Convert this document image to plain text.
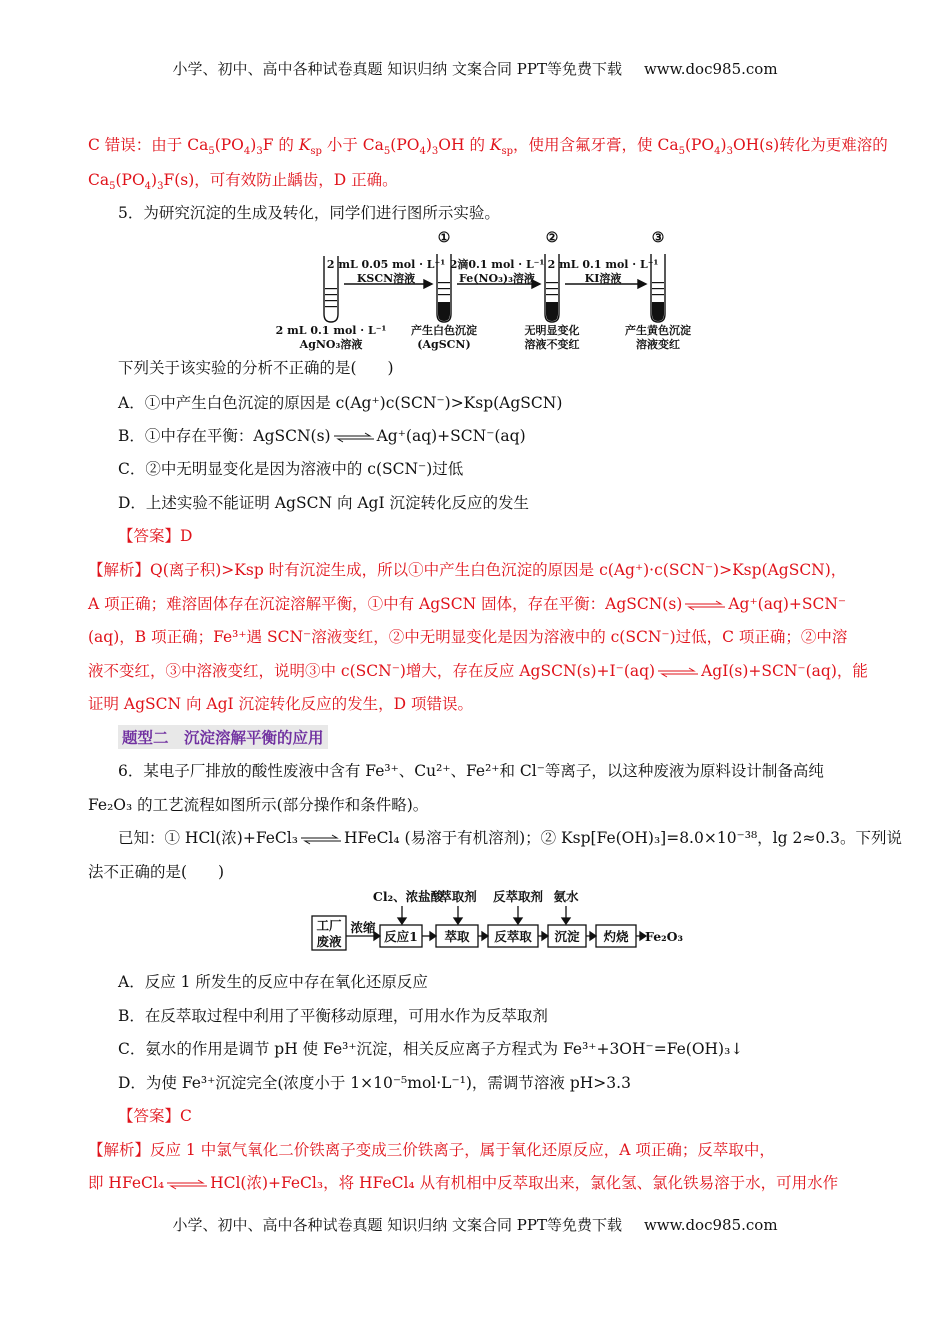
小学、初中、高中各种试卷真题 知识归纳 文案合同 PPT等免费下载 www.doc985.com
C 错误：由于 $Ca_5(PO_4)_3F$ 的 $K_{sp}$ 小于 $Ca_5(PO_4)_3OH$ 的 $K_{sp}$，使用含氟牙膏，使 $Ca_5(PO_4)_3OH(s)$转化为更难溶的
$Ca_5(PO_4)_3F(s)$，可有效防止龋齿，D 正确。
5．为研究沉淀的生成及转化，同学们进行图所示实验。
①	②	③
2 mL 0.05 mol · L⁻¹
KSCN溶液
2滴0.1 mol · L⁻¹
Fe(NO₃)₃溶液
2 mL 0.1 mol · L⁻¹
KI溶液
2 mL 0.1 mol · L⁻¹
AgNO₃溶液
产生白色沉淀
(AgSCN)
无明显变化
溶液不变红
产生黄色沉淀
溶液变红
下列关于该实验的分析不正确的是(　　)
A．①中产生白色沉淀的原因是 c(Ag⁺)c(SCN⁻)>Ksp(AgSCN)
B．①中存在平衡：AgSCN(s) ⇌ Ag⁺(aq)+SCN⁻(aq)
C．②中无明显变化是因为溶液中的 c(SCN⁻)过低
D．上述实验不能证明 AgSCN 向 AgI 沉淀转化反应的发生
【答案】D
【解析】Q(离子积)>Ksp 时有沉淀生成，所以①中产生白色沉淀的原因是 c(Ag⁺)·c(SCN⁻)>Ksp(AgSCN)，
A 项正确；难溶固体存在沉淀溶解平衡，①中有 AgSCN 固体，存在平衡：AgSCN(s) ⇌ Ag⁺(aq)+SCN⁻
(aq)，B 项正确；Fe³⁺遇 SCN⁻溶液变红，②中无明显变化是因为溶液中的 c(SCN⁻)过低，C 项正确；②中溶
液不变红，③中溶液变红，说明③中 c(SCN⁻)增大，存在反应 AgSCN(s)+I⁻(aq) ⇌ AgI(s)+SCN⁻(aq)，能
证明 AgSCN 向 AgI 沉淀转化反应的发生，D 项错误。
题型二　沉淀溶解平衡的应用
6．某电子厂排放的酸性废液中含有 Fe³⁺、Cu²⁺、Fe²⁺和 Cl⁻等离子，以这种废液为原料设计制备高纯
Fe₂O₃ 的工艺流程如图所示(部分操作和条件略)。
已知：① HCl(浓)+FeCl₃ ⇌ HFeCl₄ (易溶于有机溶剂)；② Ksp[Fe(OH)₃]=8.0×10⁻³⁸，lg 2≈0.3。下列说
法不正确的是(　　)
Cl₂、浓盐酸
萃取剂 反萃取剂 氨水
工厂
废液
浓缩
反应1 萃取 反萃取 沉淀 灼烧 Fe₂O₃
A．反应 1 所发生的反应中存在氧化还原反应
B．在反萃取过程中利用了平衡移动原理，可用水作为反萃取剂
C．氨水的作用是调节 pH 使 Fe³⁺沉淀，相关反应离子方程式为 Fe³⁺+3OH⁻=Fe(OH)₃↓
D．为使 Fe³⁺沉淀完全(浓度小于 1×10⁻⁵mol·L⁻¹)，需调节溶液 pH>3.3
【答案】C
【解析】反应 1 中氯气氧化二价铁离子变成三价铁离子，属于氧化还原反应，A 项正确；反萃取中，
即 HFeCl₄ ⇌ HCl(浓)+FeCl₃，将 HFeCl₄ 从有机相中反萃取出来，氯化氢、氯化铁易溶于水，可用水作
小学、初中、高中各种试卷真题 知识归纳 文案合同 PPT等免费下载 www.doc985.com
